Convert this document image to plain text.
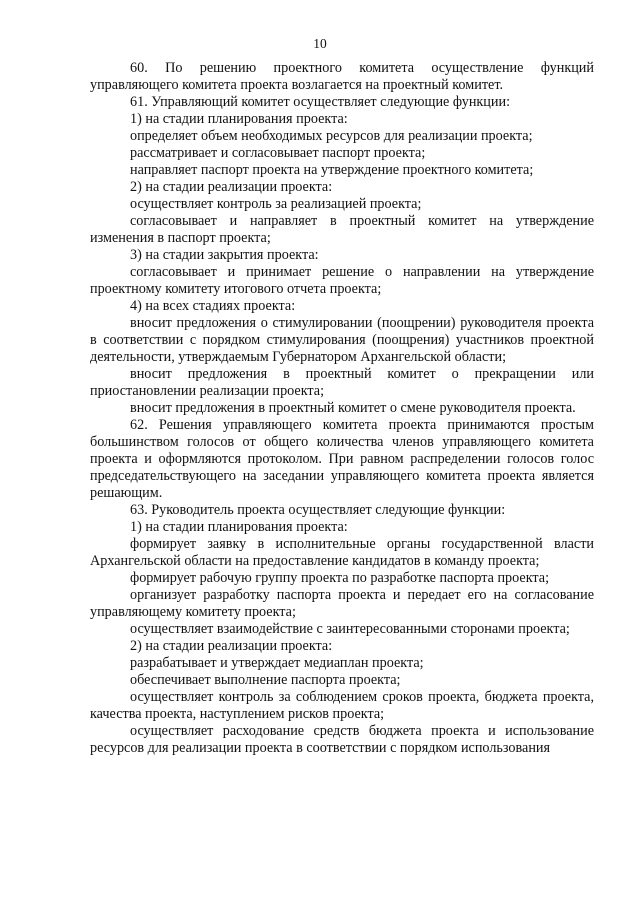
10

60. По решению проектного комитета осуществление функций управляющего комитета проекта возлагается на проектный комитет.

61. Управляющий комитет осуществляет следующие функции:

1) на стадии планирования проекта:

определяет объем необходимых ресурсов для реализации проекта;

рассматривает и согласовывает паспорт проекта;

направляет паспорт проекта на утверждение проектного комитета;

2) на стадии реализации проекта:

осуществляет контроль за реализацией проекта;

согласовывает и направляет в проектный комитет на утверждение изменения в паспорт проекта;

3) на стадии закрытия проекта:

согласовывает и принимает решение о направлении на утверждение проектному комитету итогового отчета проекта;

4) на всех стадиях проекта:

вносит предложения о стимулировании (поощрении) руководителя проекта в соответствии с порядком стимулирования (поощрения) участников проектной деятельности, утверждаемым Губернатором Архангельской области;

вносит предложения в проектный комитет о прекращении или приостановлении реализации проекта;

вносит предложения в проектный комитет о смене руководителя проекта.

62. Решения управляющего комитета проекта принимаются простым большинством голосов от общего количества членов управляющего комитета проекта и оформляются протоколом. При равном распределении голосов голос председательствующего на заседании управляющего комитета проекта является решающим.

63. Руководитель проекта осуществляет следующие функции:

1) на стадии планирования проекта:

формирует заявку в исполнительные органы государственной власти Архангельской области на предоставление кандидатов в команду проекта;

формирует рабочую группу проекта по разработке паспорта проекта;

организует разработку паспорта проекта и передает его на согласование управляющему комитету проекта;

осуществляет взаимодействие с заинтересованными сторонами проекта;

2) на стадии реализации проекта:

разрабатывает и утверждает медиаплан проекта;

обеспечивает выполнение паспорта проекта;

осуществляет контроль за соблюдением сроков проекта, бюджета проекта, качества проекта, наступлением рисков проекта;

осуществляет расходование средств бюджета проекта и использование ресурсов для реализации проекта в соответствии с порядком использования
